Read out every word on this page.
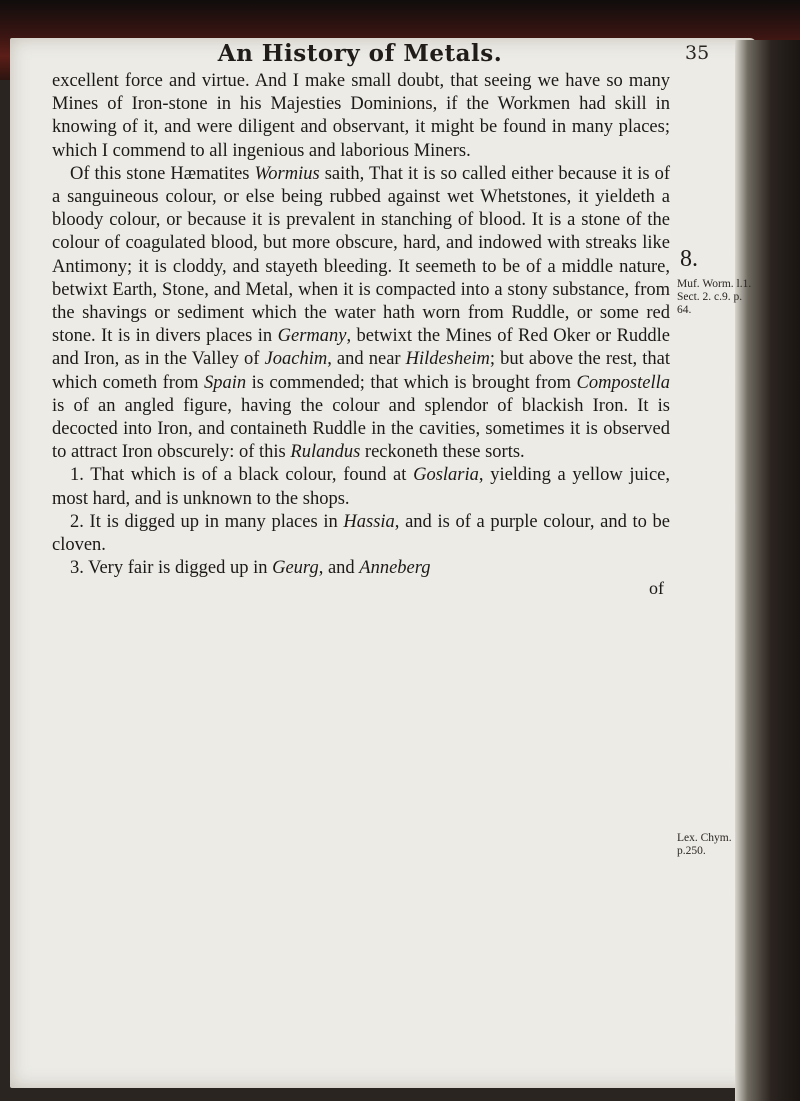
An History of Metals.	35

excellent force and virtue. And I make small doubt, that seeing we have so many Mines of Iron-stone in his Majesties Dominions, if the Workmen had skill in knowing of it, and were diligent and observant, it might be found in many places; which I commend to all ingenious and laborious Miners.

Of this stone Hæmatites Wormius saith, That it is so called either because it is of a sanguineous colour, or else being rubbed against wet Whetstones, it yieldeth a bloody colour, or because it is prevalent in stanching of blood. It is a stone of the colour of coagulated blood, but more obscure, hard, and indowed with streaks like Antimony; it is cloddy, and stayeth bleeding. It seemeth to be of a middle nature, betwixt Earth, Stone, and Metal, when it is compacted into a stony substance, from the shavings or sediment which the water hath worn from Ruddle, or some red stone. It is in divers places in Germany, betwixt the Mines of Red Oker or Ruddle and Iron, as in the Valley of Joachim, and near Hildesheim; but above the rest, that which cometh from Spain is commended; that which is brought from Compostella is of an angled figure, having the colour and splendor of blackish Iron. It is decocted into Iron, and containeth Ruddle in the cavities, sometimes it is observed to attract Iron obscurely: of this Rulandus reckoneth these sorts.

1. That which is of a black colour, found at Goslaria, yielding a yellow juice, most hard, and is unknown to the shops.

2. It is digged up in many places in Hassia, and is of a purple colour, and to be cloven.

3. Very fair is digged up in Geurg, and Anneberg

of
8.
Muf. Worm. l.1. Sect. 2. c.9. p. 64.
Lex. Chym. p.250.
